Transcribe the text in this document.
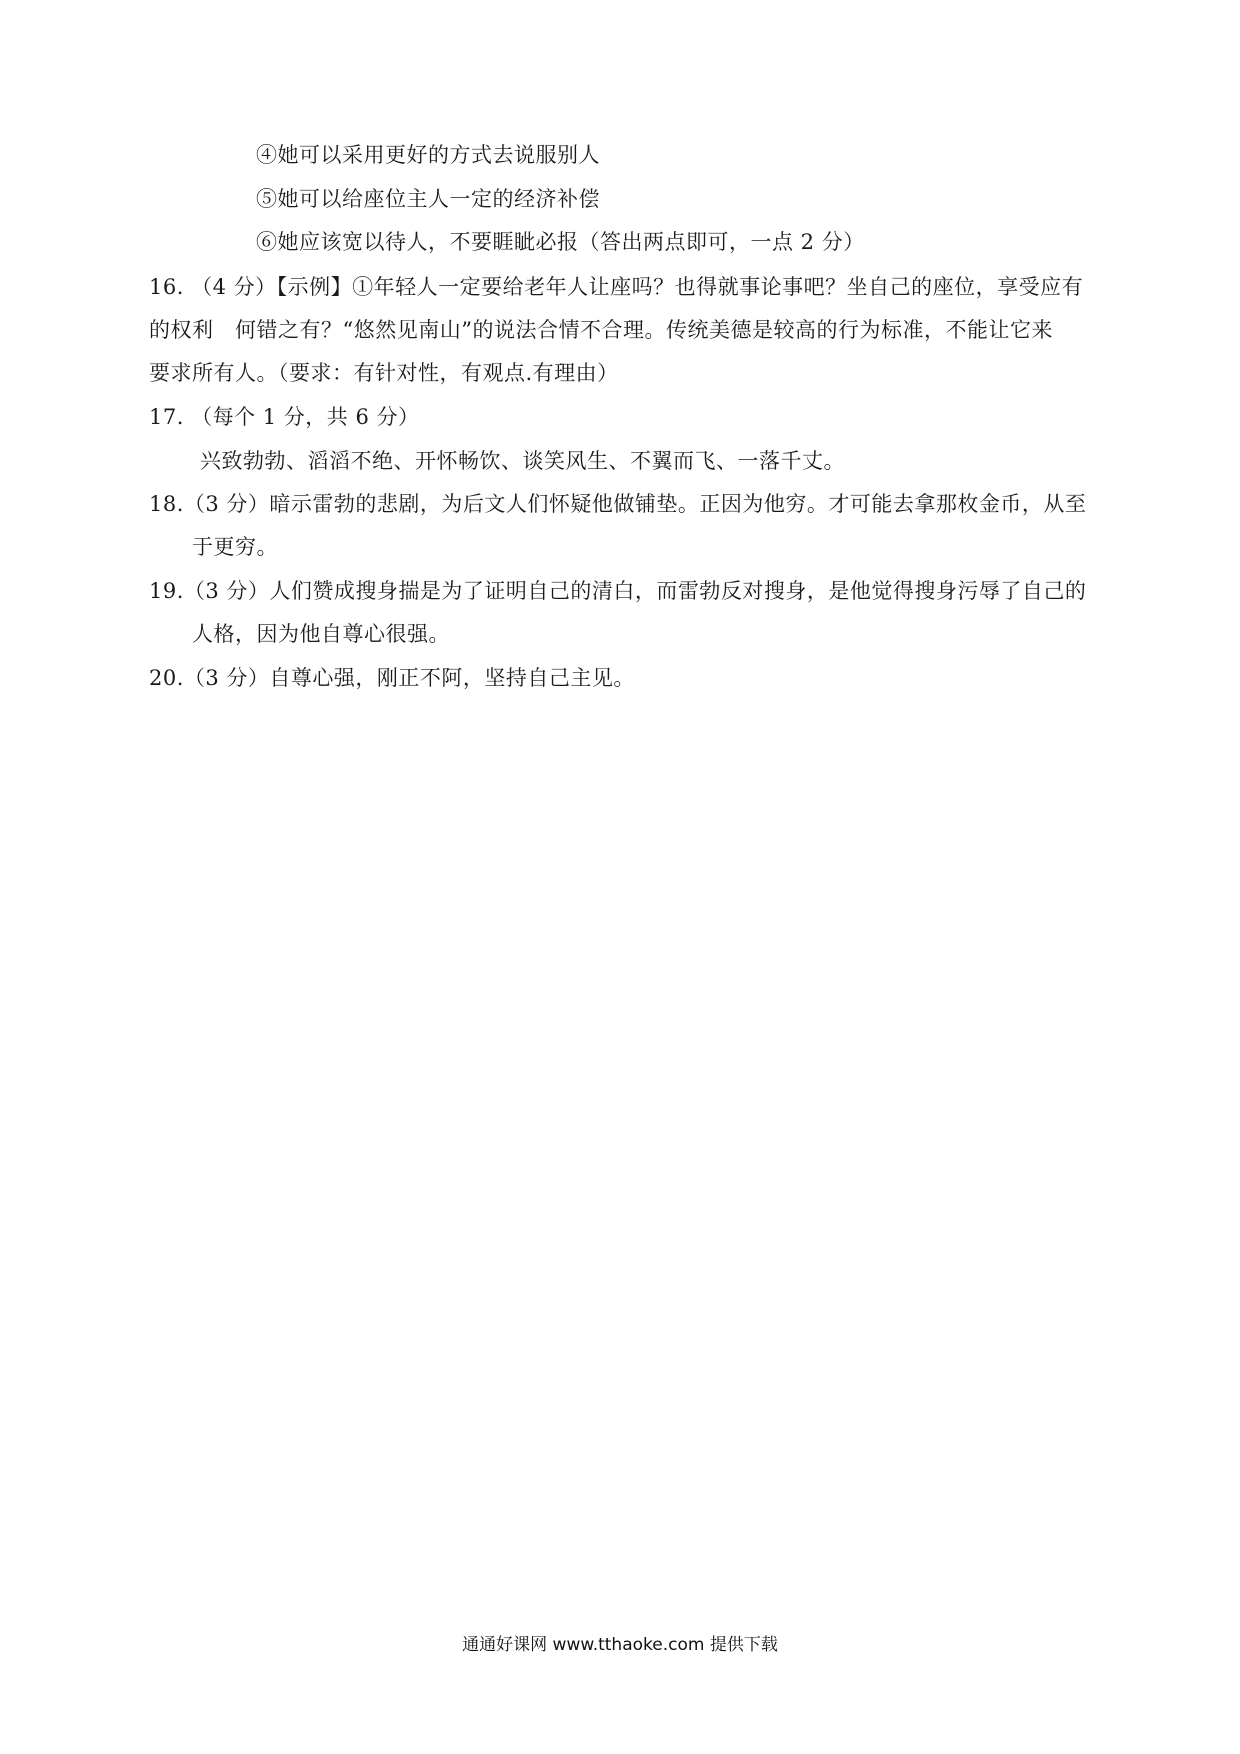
④她可以采用更好的方式去说服别人
⑤她可以给座位主人一定的经济补偿
⑥她应该宽以待人，不要睚眦必报（答出两点即可，一点 2 分）
16. （4 分）【示例】①年轻人一定要给老年人让座吗？也得就事论事吧？坐自己的座位，享受应有
的权利　何错之有？“悠然见南山”的说法合情不合理。传统美德是较高的行为标准，不能让它来
要求所有人。（要求：有针对性，有观点.有理由）
17. （每个 1 分，共 6 分）
兴致勃勃、滔滔不绝、开怀畅饮、谈笑风生、不翼而飞、一落千丈。
18.（3 分）暗示雷勃的悲剧，为后文人们怀疑他做铺垫。正因为他穷。才可能去拿那枚金币，从至
于更穷。
19.（3 分）人们赞成搜身揣是为了证明自己的清白，而雷勃反对搜身，是他觉得搜身污辱了自己的
人格，因为他自尊心很强。
20.（3 分）自尊心强，刚正不阿，坚持自己主见。
通通好课网 www.tthaoke.com 提供下载
